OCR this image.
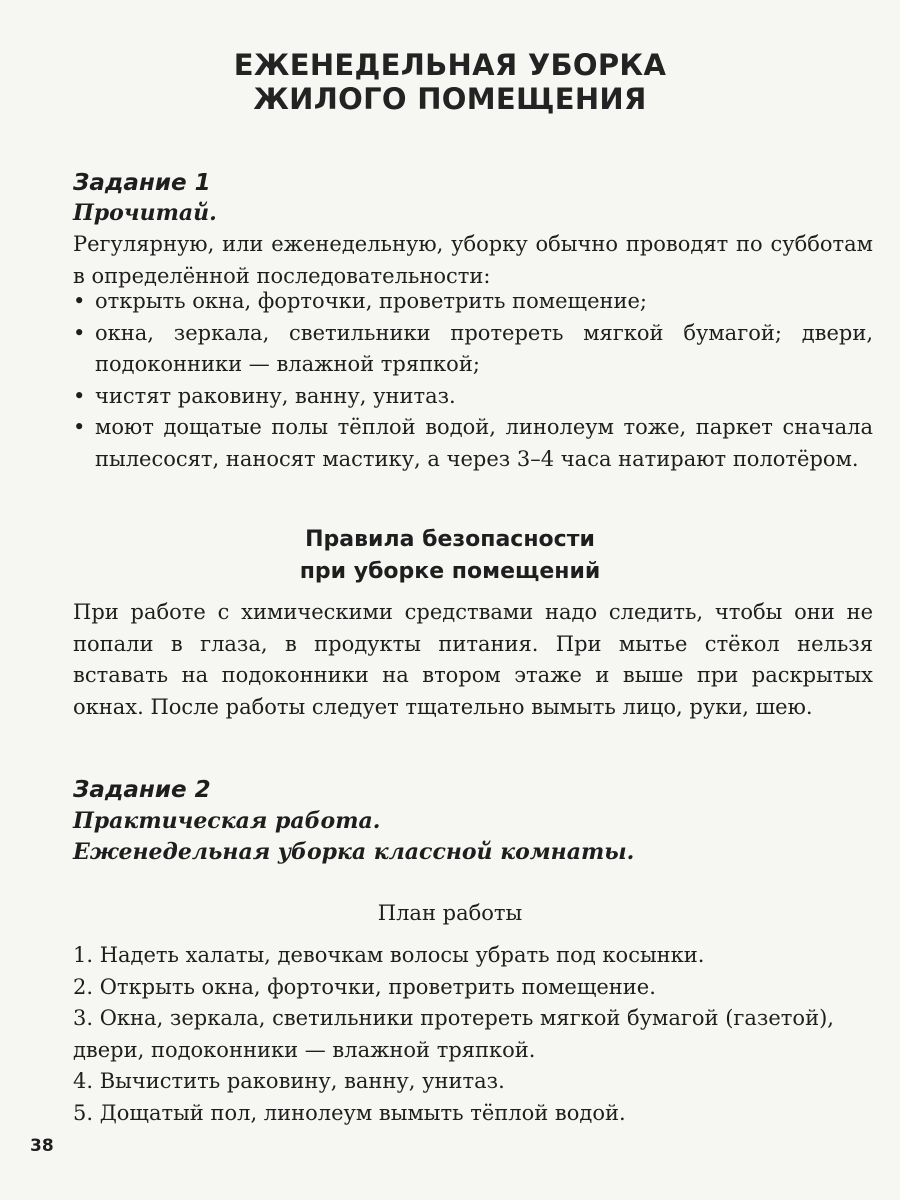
ЕЖЕНЕДЕЛЬНАЯ УБОРКА
ЖИЛОГО ПОМЕЩЕНИЯ
Задание 1
Прочитай.
Регулярную, или еженедельную, уборку обычно проводят по субботам в определённой последовательности:
• открыть окна, форточки, проветрить помещение;
• окна, зеркала, светильники протереть мягкой бумагой; двери, подоконники — влажной тряпкой;
• чистят раковину, ванну, унитаз.
• моют дощатые полы тёплой водой, линолеум тоже, паркет сначала пылесосят, наносят мастику, а через 3–4 часа натирают полотёром.
Правила безопасности
при уборке помещений
При работе с химическими средствами надо следить, чтобы они не попали в глаза, в продукты питания. При мытье стёкол нельзя вставать на подоконники на втором этаже и выше при раскрытых окнах. После работы следует тщательно вымыть лицо, руки, шею.
Задание 2
Практическая работа.
Еженедельная уборка классной комнаты.
План работы
1. Надеть халаты, девочкам волосы убрать под косынки.
2. Открыть окна, форточки, проветрить помещение.
3. Окна, зеркала, светильники протереть мягкой бумагой (газетой), двери, подоконники — влажной тряпкой.
4. Вычистить раковину, ванну, унитаз.
5. Дощатый пол, линолеум вымыть тёплой водой.
38
